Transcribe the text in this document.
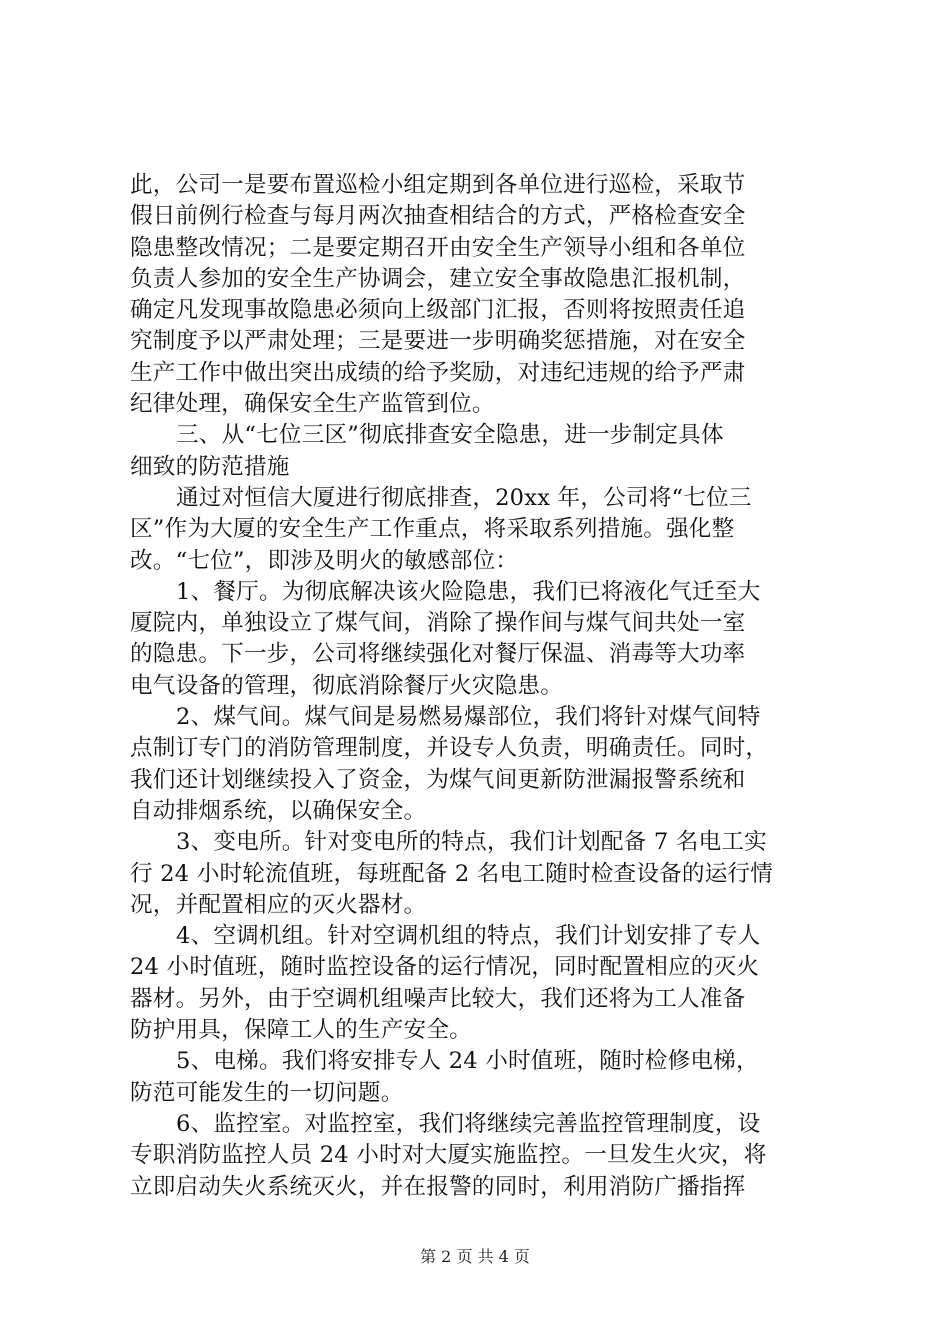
此，公司一是要布置巡检小组定期到各单位进行巡检，采取节
假日前例行检查与每月两次抽查相结合的方式，严格检查安全
隐患整改情况；二是要定期召开由安全生产领导小组和各单位
负责人参加的安全生产协调会，建立安全事故隐患汇报机制，
确定凡发现事故隐患必须向上级部门汇报，否则将按照责任追
究制度予以严肃处理；三是要进一步明确奖惩措施，对在安全
生产工作中做出突出成绩的给予奖励，对违纪违规的给予严肃
纪律处理，确保安全生产监管到位。
三、从“七位三区”彻底排查安全隐患，进一步制定具体
细致的防范措施
通过对恒信大厦进行彻底排查，20xx 年，公司将“七位三
区”作为大厦的安全生产工作重点，将采取系列措施。强化整
改。“七位”，即涉及明火的敏感部位：
1、餐厅。为彻底解决该火险隐患，我们已将液化气迁至大
厦院内，单独设立了煤气间，消除了操作间与煤气间共处一室
的隐患。下一步，公司将继续强化对餐厅保温、消毒等大功率
电气设备的管理，彻底消除餐厅火灾隐患。
2、煤气间。煤气间是易燃易爆部位，我们将针对煤气间特
点制订专门的消防管理制度，并设专人负责，明确责任。同时，
我们还计划继续投入了资金，为煤气间更新防泄漏报警系统和
自动排烟系统，以确保安全。
3、变电所。针对变电所的特点，我们计划配备 7 名电工实
行 24 小时轮流值班，每班配备 2 名电工随时检查设备的运行情
况，并配置相应的灭火器材。
4、空调机组。针对空调机组的特点，我们计划安排了专人
24 小时值班，随时监控设备的运行情况，同时配置相应的灭火
器材。另外，由于空调机组噪声比较大，我们还将为工人准备
防护用具，保障工人的生产安全。
5、电梯。我们将安排专人 24 小时值班，随时检修电梯，
防范可能发生的一切问题。
6、监控室。对监控室，我们将继续完善监控管理制度，设
专职消防监控人员 24 小时对大厦实施监控。一旦发生火灾，将
立即启动失火系统灭火，并在报警的同时，利用消防广播指挥
第 2 页 共 4 页
